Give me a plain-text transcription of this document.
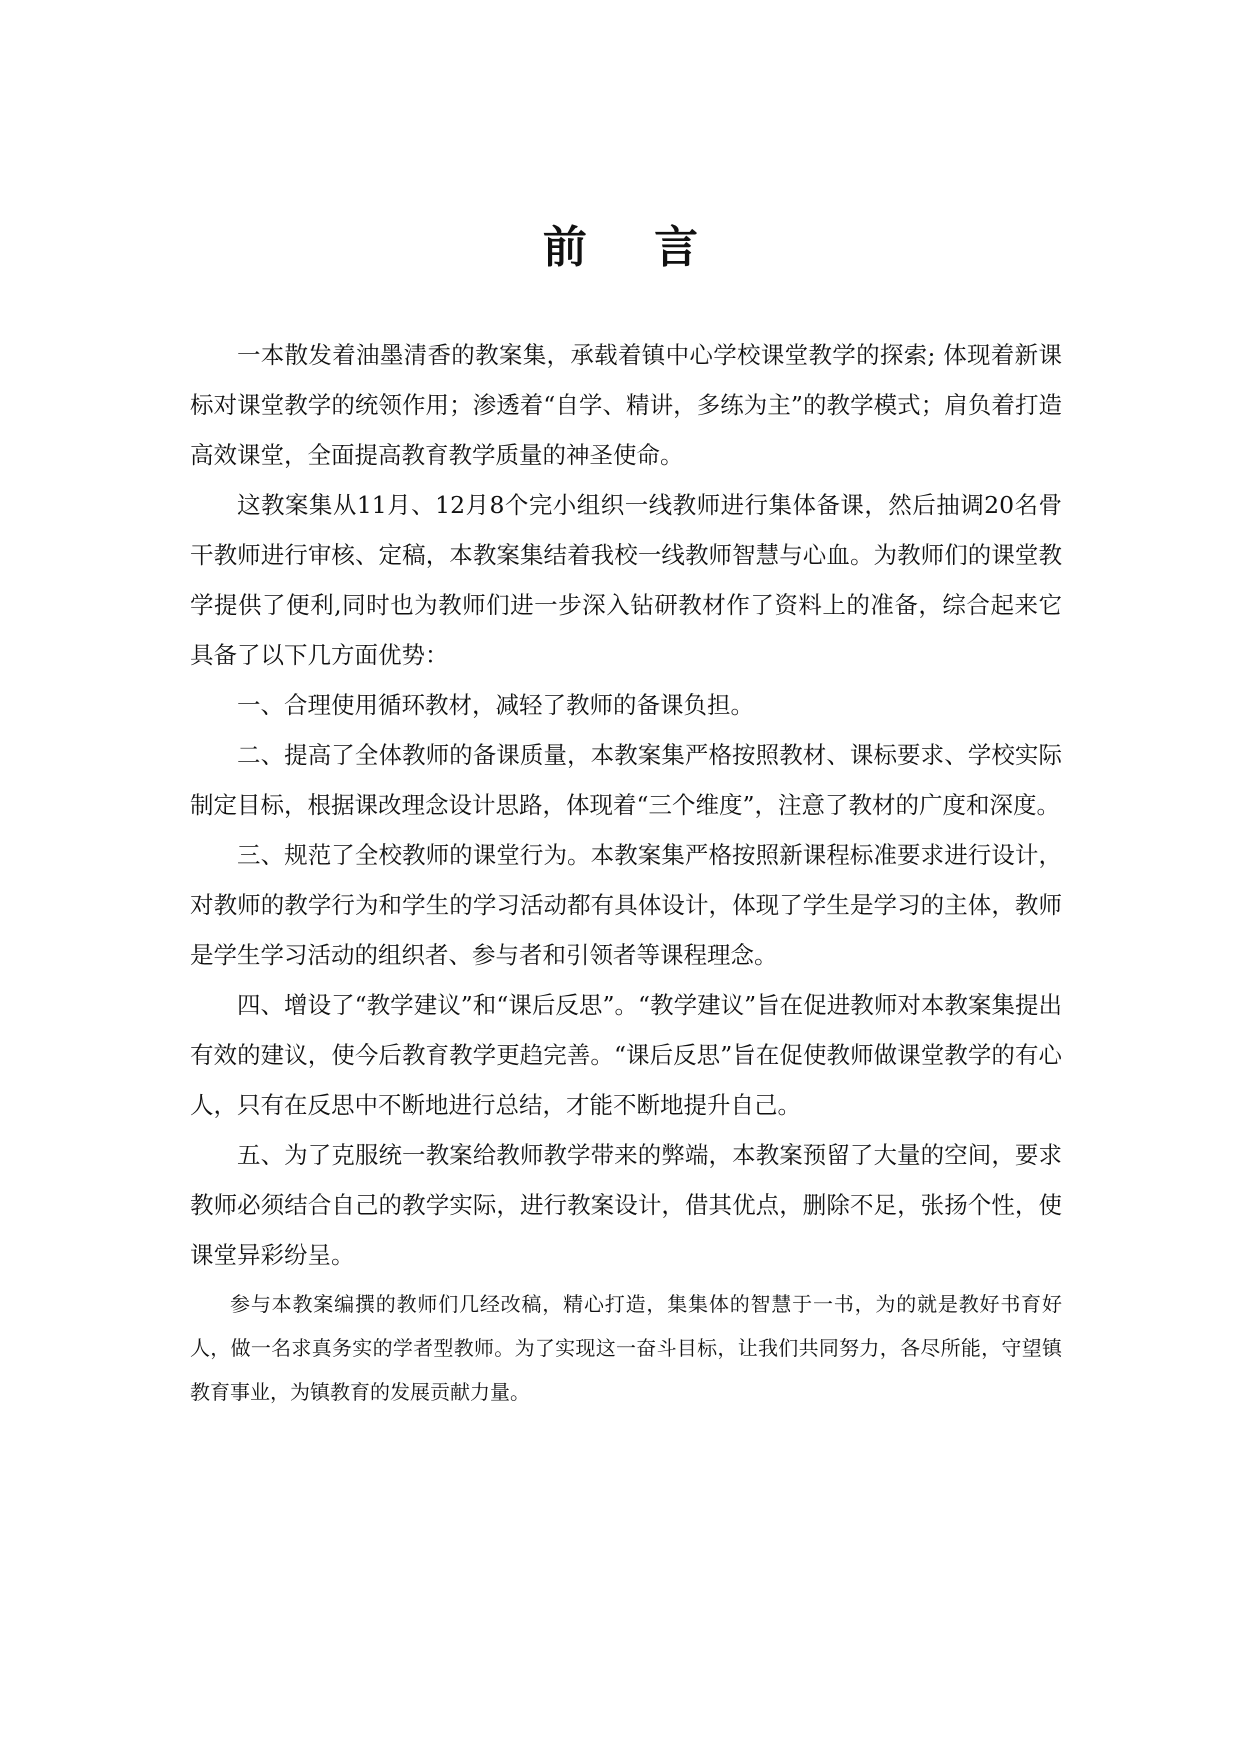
前 言

一本散发着油墨清香的教案集，承载着镇中心学校课堂教学的探索; 体现着新课标对课堂教学的统领作用；渗透着“自学、精讲，多练为主”的教学模式；肩负着打造高效课堂，全面提高教育教学质量的神圣使命。

这教案集从11月、12月8个完小组织一线教师进行集体备课，然后抽调20名骨干教师进行审核、定稿，本教案集结着我校一线教师智慧与心血。为教师们的课堂教学提供了便利,同时也为教师们进一步深入钻研教材作了资料上的准备，综合起来它具备了以下几方面优势：

一、合理使用循环教材，减轻了教师的备课负担。

二、提高了全体教师的备课质量，本教案集严格按照教材、课标要求、学校实际制定目标，根据课改理念设计思路，体现着“三个维度”，注意了教材的广度和深度。

三、规范了全校教师的课堂行为。本教案集严格按照新课程标准要求进行设计，对教师的教学行为和学生的学习活动都有具体设计，体现了学生是学习的主体，教师是学生学习活动的组织者、参与者和引领者等课程理念。

四、增设了“教学建议”和“课后反思”。“教学建议”旨在促进教师对本教案集提出有效的建议，使今后教育教学更趋完善。“课后反思”旨在促使教师做课堂教学的有心人，只有在反思中不断地进行总结，才能不断地提升自己。

五、为了克服统一教案给教师教学带来的弊端，本教案预留了大量的空间，要求教师必须结合自己的教学实际，进行教案设计，借其优点，删除不足，张扬个性，使课堂异彩纷呈。

参与本教案编撰的教师们几经改稿，精心打造，集集体的智慧于一书，为的就是教好书育好人，做一名求真务实的学者型教师。为了实现这一奋斗目标，让我们共同努力，各尽所能，守望镇教育事业，为镇教育的发展贡献力量。
